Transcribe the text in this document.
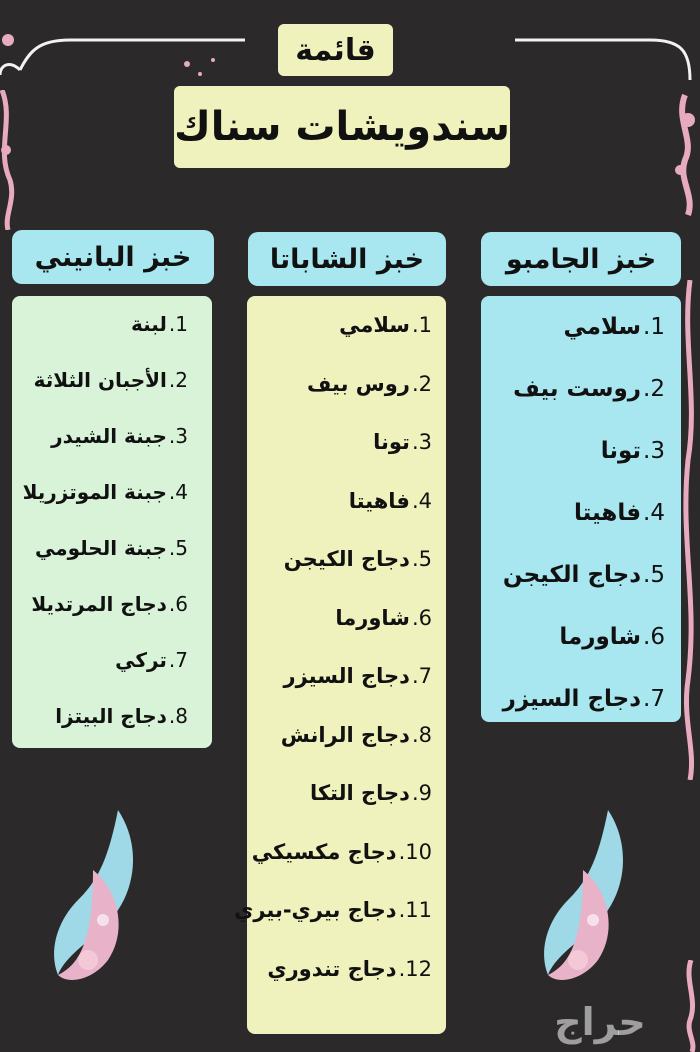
قائمة
سندويشات سناك
خبز الجامبو
1.
سلامي
2.
روست بيف
3.
تونا
4.
فاهيتا
5.
دجاج الكيجن
6.
شاورما
7.
دجاج السيزر
خبز الشاباتا
1.
سلامي
2.
روس بيف
3.
تونا
4.
فاهيتا
5.
دجاج الكيجن
6.
شاورما
7.
دجاج السيزر
8.
دجاج الرانش
9.
دجاج التكا
10.
دجاج مكسيكي
11.
دجاج بيري-بيري
12.
دجاج تندوري
خبز البانيني
1.
لبنة
2.
الأجبان الثلاثة
3.
جبنة الشيدر
4.
جبنة الموتزريلا
5.
جبنة الحلومي
6.
دجاج المرتديلا
7.
تركي
8.
دجاج البيتزا
حراج
